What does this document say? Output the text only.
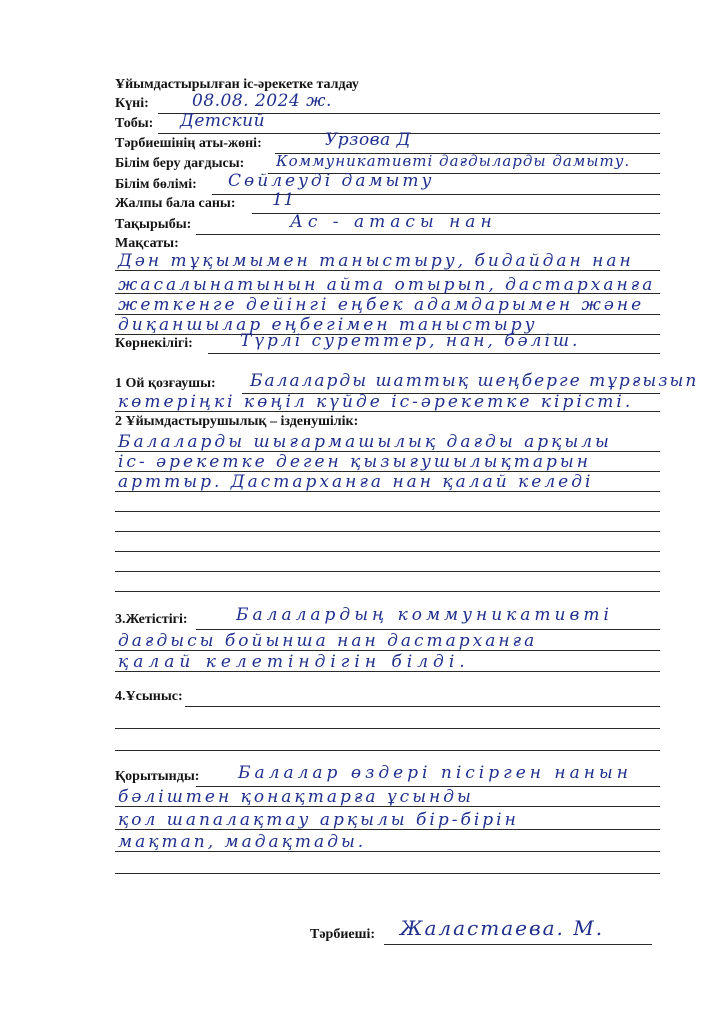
Ұйымдастырылған іс-әрекетке талдау
Күні:	08.08. 2024 ж.
Тобы: Детский
Тәрбиешінің аты-жөні:	Урзова Д
Білім беру дағдысы: Коммуникативті дағдыларды дамыту.
Білім бөлімі: Сөйлеуді дамыту
Жалпы бала саны: 11
Тақырыбы:	Ас - атасы нан
Мақсаты:
Дән тұқымымен таныстыру, бидайдан нан
жасалынатынын айта отырып, дастарханға
жеткенге дейінгі еңбек адамдарымен және
диқаншылар еңбегімен таныстыру
Көрнекілігі:	Түрлі суреттер, нан, бәліш.
1 Ой қозғаушы: Балаларды шаттық шеңберге тұрғызып
көтеріңкі көңіл күйде іс-әрекетке кірісті.
2 Ұйымдастырушылық – ізденушілік:
Балаларды шығармашылық дағды арқылы
іс- әрекетке деген қызығушылықтарын
арттыр. Дастарханға нан қалай келеді
3.Жетістігі:	Балалардың коммуникативті
дағдысы бойынша нан дастарханға
қалай келетіндігін білді.
4.Ұсыныс:
Қорытынды: Балалар өздері пісірген нанын
бәліштен қонақтарға ұсынды
қол шапалақтау арқылы бір-бірін
мақтап, мадақтады.
Тәрбиеші: Жаластаева. М.
